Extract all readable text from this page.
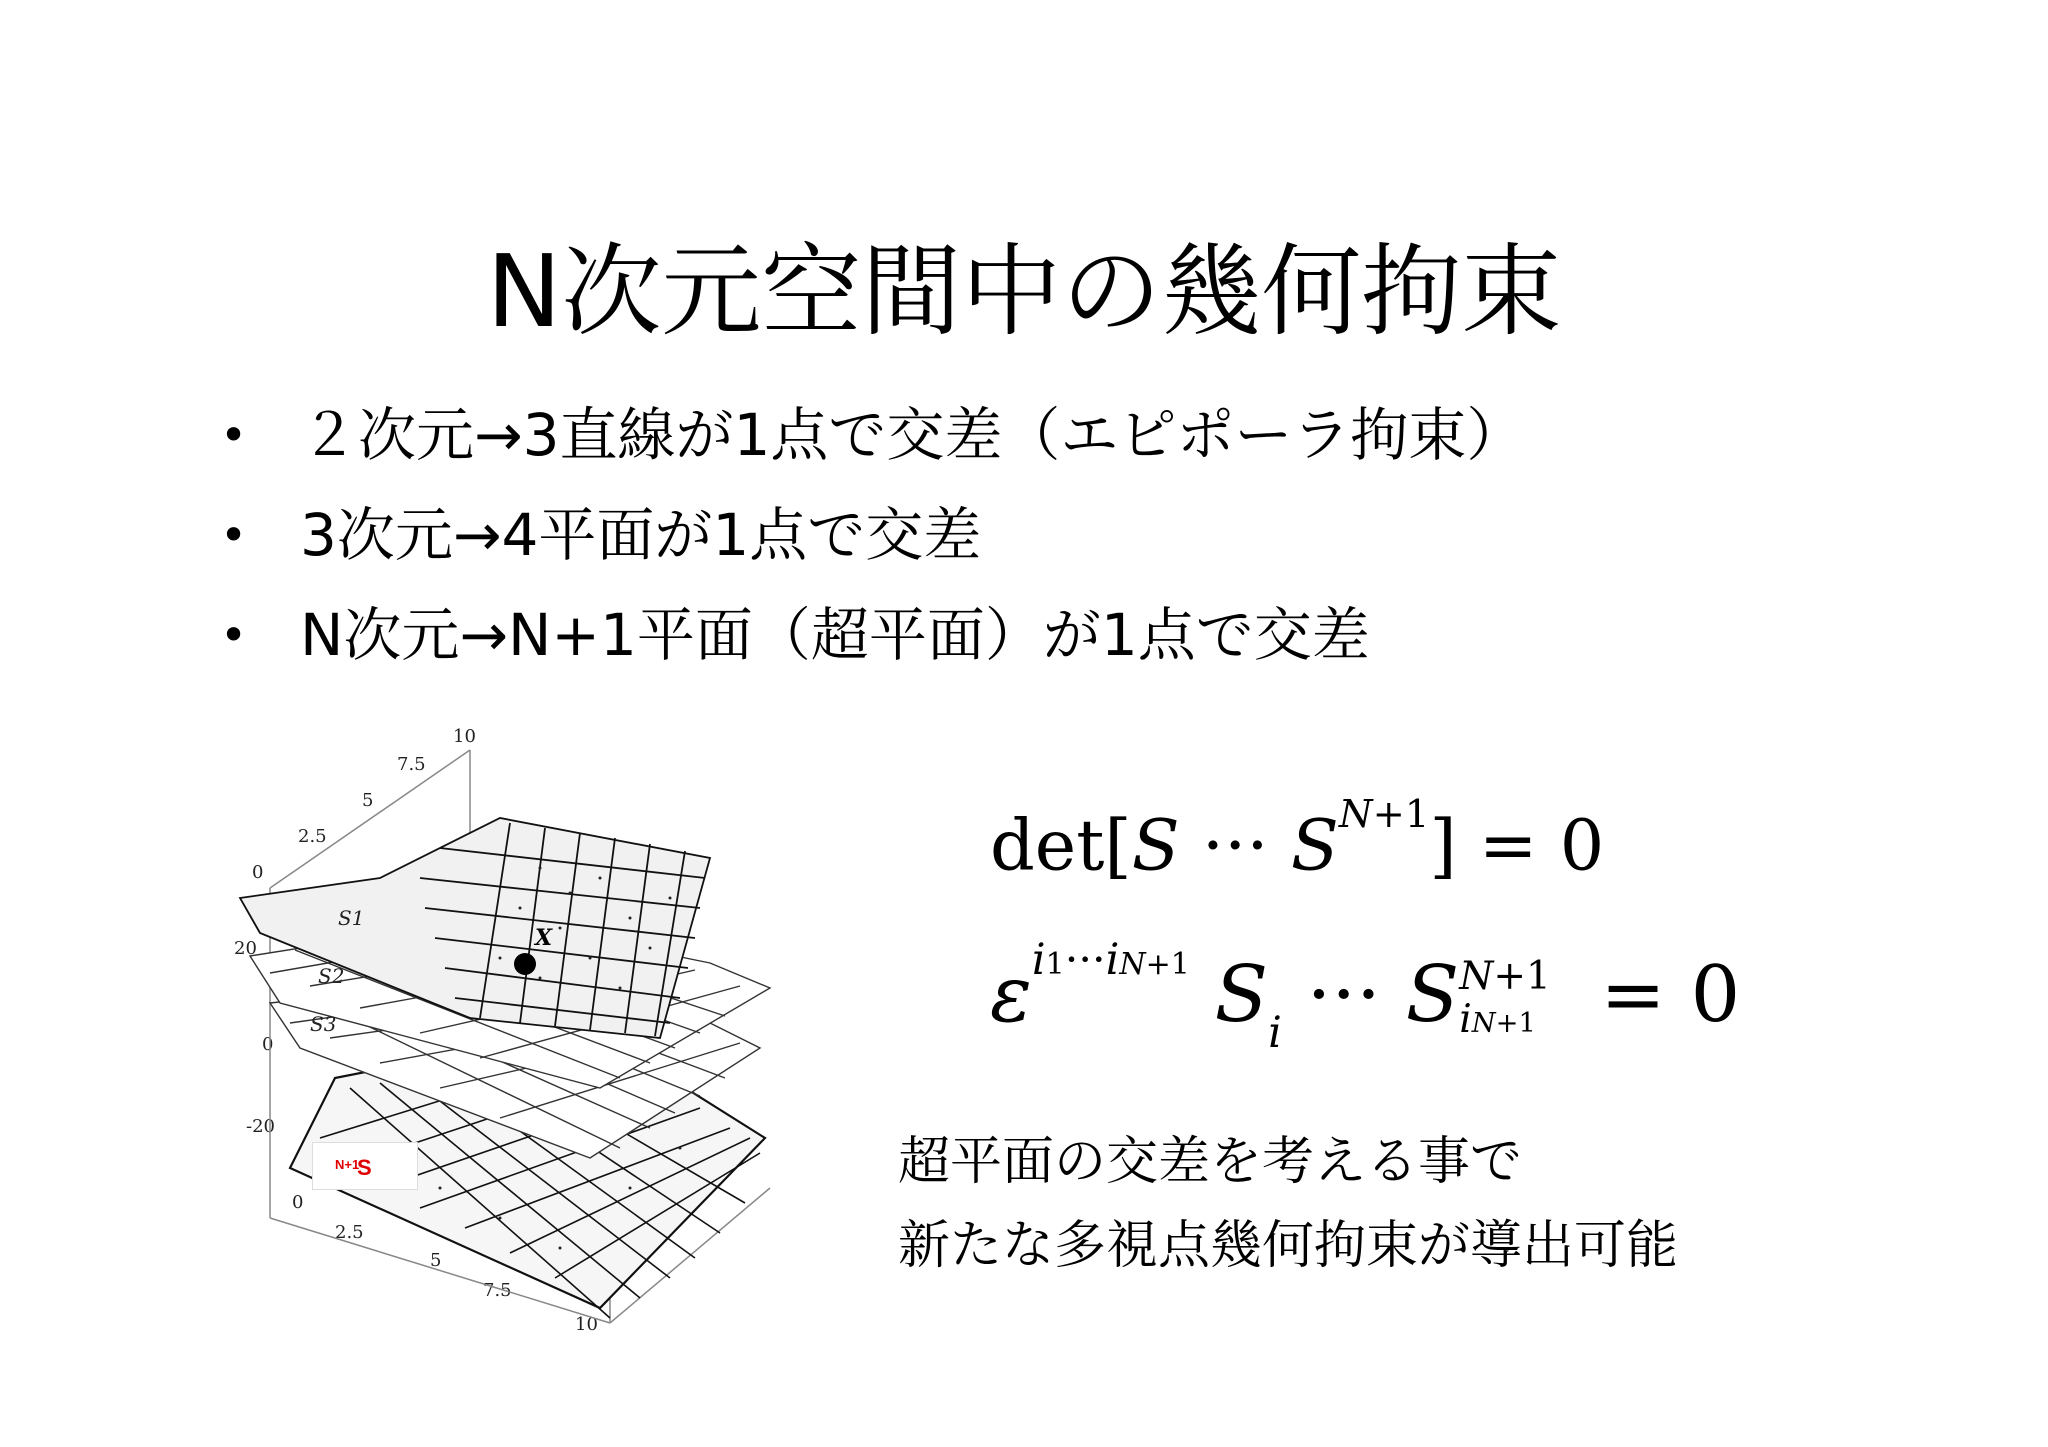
N次元空間中の幾何拘束
• ２次元→3直線が1点で交差（エピポーラ拘束）
• 3次元→4平面が1点で交差
• N次元→N+1平面（超平面）が1点で交差
10
7.5
5
2.5
0
20
0
-20
0
2.5
5
7.5
10
X
S1
S2
S3
S
N+1
det[S ··· $S^{N+1}] = 0$
$\varepsilon^{i1\cdot\cdot\cdot iN+1}$ $S_i$ ··· SN+1
iN+1  = 0
超平面の交差を考える事で
新たな多視点幾何拘束が導出可能
